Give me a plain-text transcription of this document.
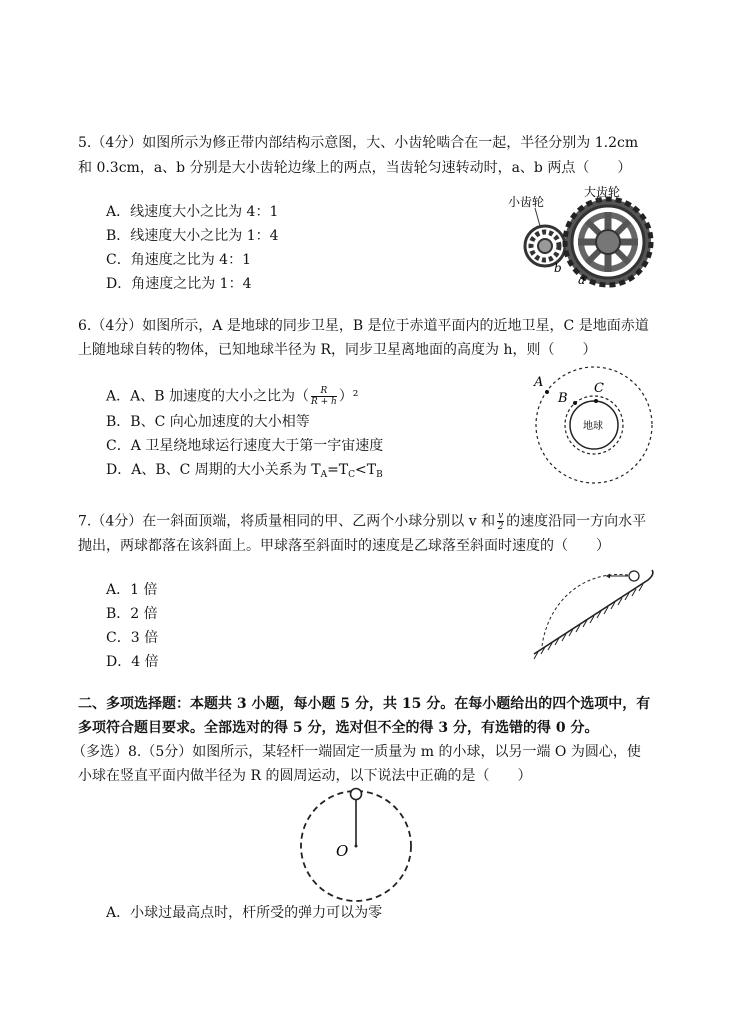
5.（4分）如图所示为修正带内部结构示意图，大、小齿轮啮合在一起，半径分别为 1.2cm
和 0.3cm，a、b 分别是大小齿轮边缘上的两点，当齿轮匀速转动时，a、b 两点（　　）
A．线速度大小之比为 4：1
B．线速度大小之比为 1：4
C．角速度之比为 4：1
D．角速度之比为 1：4
小齿轮
大齿轮
b
a
6.（4分）如图所示，A 是地球的同步卫星，B 是位于赤道平面内的近地卫星，C 是地面赤道
上随地球自转的物体，已知地球半径为 R，同步卫星离地面的高度为 h，则（　　）
A．A、B 加速度的大小之比为（ $\frac{R}{R + h} )^2$
B．B、C 向心加速度的大小相等
C．A 卫星绕地球运行速度大于第一宇宙速度
D．A、B、C 周期的大小关系为 $T_A=T_C<T_B$
A
B
C
地球
7.（4分）在一斜面顶端，将质量相同的甲、乙两个小球分别以 v 和 $\frac{v}{2}$ 的速度沿同一方向水平
抛出，两球都落在该斜面上。甲球落至斜面时的速度是乙球落至斜面时速度的（　　）
A．1 倍
B．2 倍
C．3 倍
D．4 倍
二、多项选择题：本题共 3 小题，每小题 5 分，共 15 分。在每小题给出的四个选项中，有
多项符合题目要求。全部选对的得 5 分，选对但不全的得 3 分，有选错的得 0 分。
（多选）8.（5分）如图所示，某轻杆一端固定一质量为 m 的小球，以另一端 O 为圆心，使
小球在竖直平面内做半径为 R 的圆周运动，以下说法中正确的是（　　）
O
A．小球过最高点时，杆所受的弹力可以为零
